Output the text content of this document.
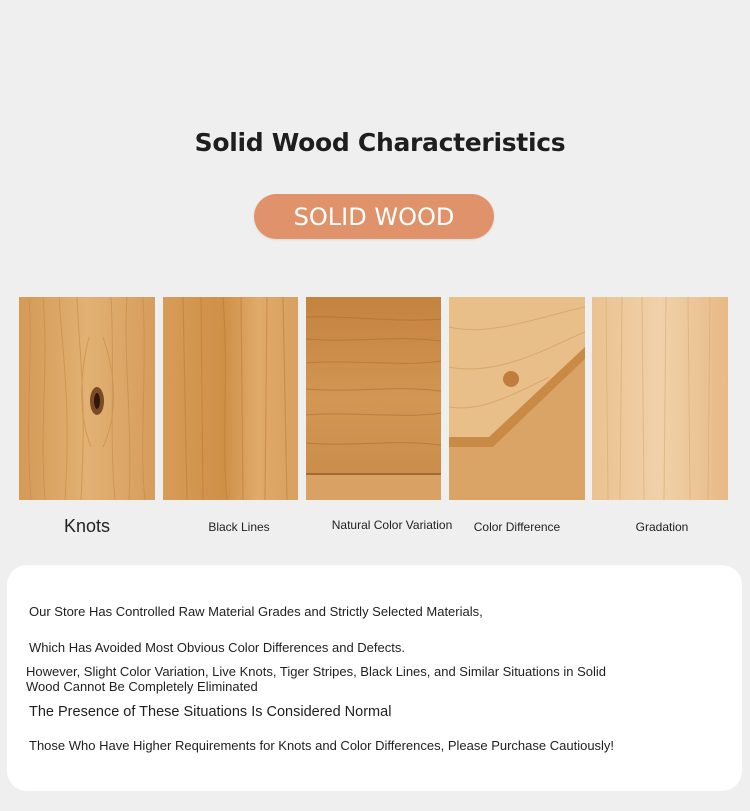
Solid Wood Characteristics
SOLID WOOD
Knots	Black Lines	Natural Color Variation	Color Difference	Gradation
Our Store Has Controlled Raw Material Grades and Strictly Selected Materials,
Which Has Avoided Most Obvious Color Differences and Defects.
However, Slight Color Variation, Live Knots, Tiger Stripes, Black Lines, and Similar Situations in Solid Wood Cannot Be Completely Eliminated
The Presence of These Situations Is Considered Normal
Those Who Have Higher Requirements for Knots and Color Differences, Please Purchase Cautiously!
